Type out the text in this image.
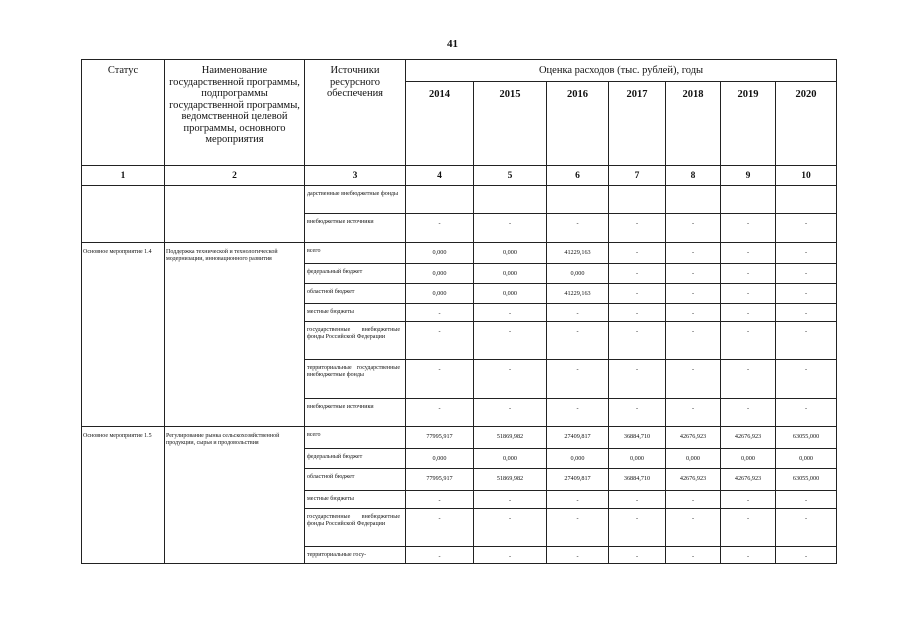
41
Статус	Наименование государственной программы, подпрограммы государственной программы, ведомственной целевой программы, основного мероприятия	Источники ресурсного обеспечения	Оценка расходов (тыс. рублей), годы						
			2014	2015	2016	2017	2018	2019	2020
1	2	3	4	5	6	7	8	9	10
		дарственные внебюджетные фонды							
		внебюджетные источники	-	-	-	-	-	-	-
Основное мероприятие 1.4	Поддержка технической и технологической модернизации, инновационного развития	всего	0,000	0,000	41229,163	-	-	-	-
		федеральный бюджет	0,000	0,000	0,000	-	-	-	-
		областной бюджет	0,000	0,000	41229,163	-	-	-	-
		местные бюджеты	-	-	-	-	-	-	-
		государственные внебюджетные фонды Российской Федерации	-	-	-	-	-	-	-
		территориальные государственные внебюджетные фонды	-	-	-	-	-	-	-
		внебюджетные источники	-	-	-	-	-	-	-
Основное мероприятие 1.5	Регулирование рынка сельскохозяйственной продукции, сырья и продовольствия	всего	77995,917	51869,982	27409,817	36884,710	42676,923	42676,923	63055,000
		федеральный бюджет	0,000	0,000	0,000	0,000	0,000	0,000	0,000
		областной бюджет	77995,917	51869,982	27409,817	36884,710	42676,923	42676,923	63055,000
		местные бюджеты	-	-	-	-	-	-	-
		государственные внебюджетные фонды Российской Федерации	-	-	-	-	-	-	-
		территориальные госу-	-	-	-	-	-	-	-
